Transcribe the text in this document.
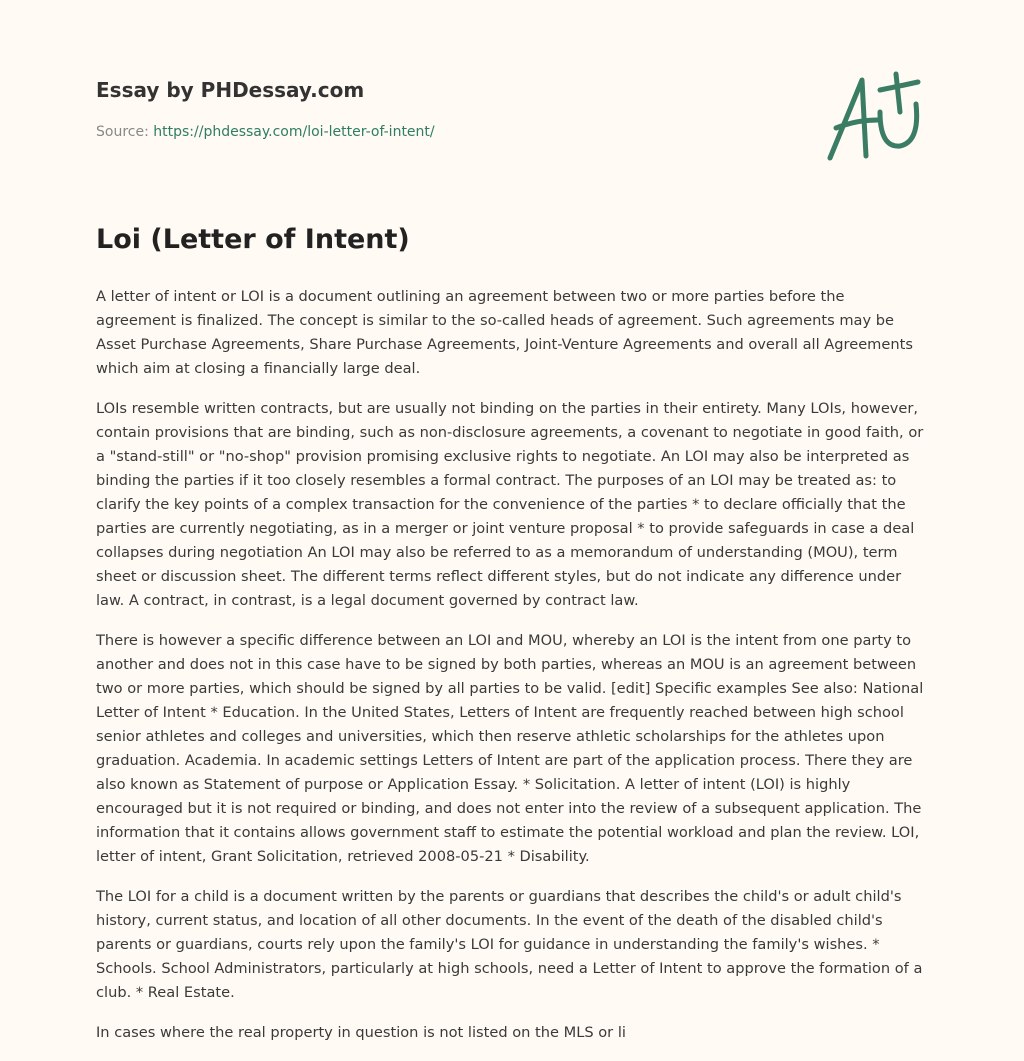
Essay by PHDessay.com
Source: https://phdessay.com/loi-letter-of-intent/
Loi (Letter of Intent)

A letter of intent or LOI is a document outlining an agreement between two or more parties before the
agreement is finalized. The concept is similar to the so-called heads of agreement. Such agreements may be
Asset Purchase Agreements, Share Purchase Agreements, Joint-Venture Agreements and overall all Agreements
which aim at closing a financially large deal.

LOIs resemble written contracts, but are usually not binding on the parties in their entirety. Many LOIs, however,
contain provisions that are binding, such as non-disclosure agreements, a covenant to negotiate in good faith, or
a "stand-still" or "no-shop" provision promising exclusive rights to negotiate. An LOI may also be interpreted as
binding the parties if it too closely resembles a formal contract. The purposes of an LOI may be treated as: to
clarify the key points of a complex transaction for the convenience of the parties * to declare officially that the
parties are currently negotiating, as in a merger or joint venture proposal * to provide safeguards in case a deal
collapses during negotiation An LOI may also be referred to as a memorandum of understanding (MOU), term
sheet or discussion sheet. The different terms reflect different styles, but do not indicate any difference under
law. A contract, in contrast, is a legal document governed by contract law.

There is however a specific difference between an LOI and MOU, whereby an LOI is the intent from one party to
another and does not in this case have to be signed by both parties, whereas an MOU is an agreement between
two or more parties, which should be signed by all parties to be valid. [edit] Specific examples See also: National
Letter of Intent * Education. In the United States, Letters of Intent are frequently reached between high school
senior athletes and colleges and universities, which then reserve athletic scholarships for the athletes upon
graduation. Academia. In academic settings Letters of Intent are part of the application process. There they are
also known as Statement of purpose or Application Essay. * Solicitation. A letter of intent (LOI) is highly
encouraged but it is not required or binding, and does not enter into the review of a subsequent application. The
information that it contains allows government staff to estimate the potential workload and plan the review. LOI,
letter of intent, Grant Solicitation, retrieved 2008-05-21 * Disability.

The LOI for a child is a document written by the parents or guardians that describes the child's or adult child's
history, current status, and location of all other documents. In the event of the death of the disabled child's
parents or guardians, courts rely upon the family's LOI for guidance in understanding the family's wishes. *
Schools. School Administrators, particularly at high schools, need a Letter of Intent to approve the formation of a
club. * Real Estate.

In cases where the real property in question is not listed on the MLS or li
